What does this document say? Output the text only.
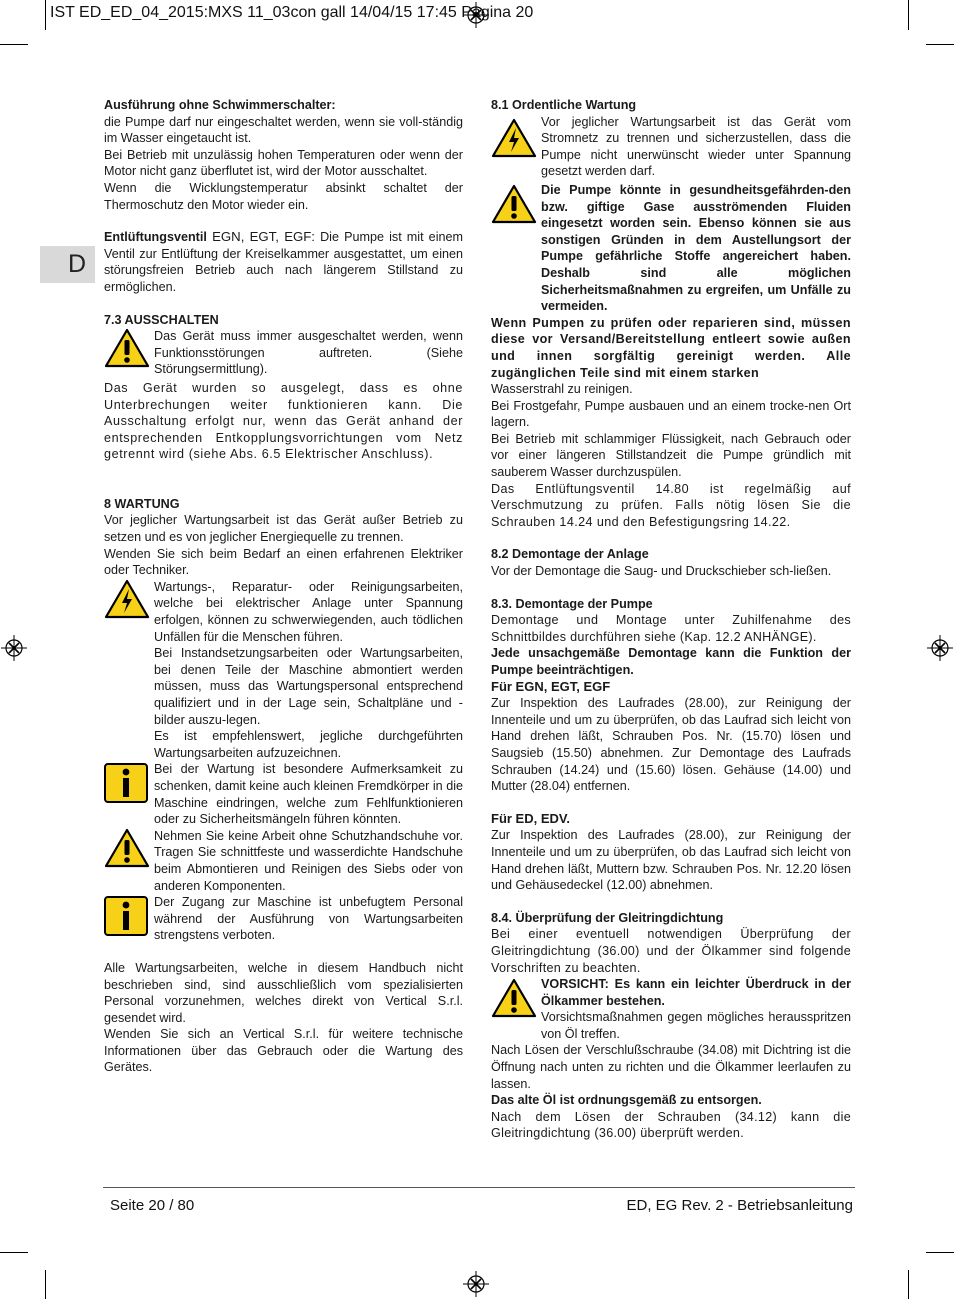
IST ED_ED_04_2015:MXS 11_03con gall 14/04/15 17:45 Pagina 20
D

Ausführung ohne Schwimmerschalter:

die Pumpe darf nur eingeschaltet werden, wenn sie voll-ständig im Wasser eingetaucht ist.

Bei Betrieb mit unzulässig hohen Temperaturen oder wenn der Motor nicht ganz überflutet ist, wird der Motor ausschaltet.

Wenn die Wicklungstemperatur absinkt schaltet der Thermoschutz den Motor wieder ein.

Entlüftungsventil EGN, EGT, EGF: Die Pumpe ist mit einem Ventil zur Entlüftung der Kreiselkammer ausgestattet, um einen störungsfreien Betrieb auch nach längerem Stillstand zu ermöglichen.

7.3 AUSSCHALTEN

Das Gerät muss immer ausgeschaltet werden, wenn Funktionsstörungen auftreten. (Siehe Störungsermittlung).

Das Gerät wurden so ausgelegt, dass es ohne Unterbrechungen weiter funktionieren kann. Die Ausschaltung erfolgt nur, wenn das Gerät anhand der entsprechenden Entkopplungsvorrichtungen vom Netz getrennt wird (siehe Abs. 6.5 Elektrischer Anschluss).

8 WARTUNG

Vor jeglicher Wartungsarbeit ist das Gerät außer Betrieb zu setzen und es von jeglicher Energiequelle zu trennen.

Wenden Sie sich beim Bedarf an einen erfahrenen Elektriker oder Techniker.

Wartungs-, Reparatur- oder Reinigungsarbeiten, welche bei elektrischer Anlage unter Spannung erfolgen, können zu schwerwiegenden, auch tödlichen Unfällen für die Menschen führen.

Bei Instandsetzungsarbeiten oder Wartungsarbeiten, bei denen Teile der Maschine abmontiert werden müssen, muss das Wartungspersonal entsprechend qualifiziert und in der Lage sein, Schaltpläne und -bilder auszu-legen.

Es ist empfehlenswert, jegliche durchgeführten Wartungsarbeiten aufzuzeichnen.

Bei der Wartung ist besondere Aufmerksamkeit zu schenken, damit keine auch kleinen Fremdkörper in die Maschine eindringen, welche zum Fehlfunktionieren oder zu Sicherheitsmängeln führen könnten.

Nehmen Sie keine Arbeit ohne Schutzhandschuhe vor. Tragen Sie schnittfeste und wasserdichte Handschuhe beim Abmontieren und Reinigen des Siebs oder von anderen Komponenten.

Der Zugang zur Maschine ist unbefugtem Personal während der Ausführung von Wartungsarbeiten strengstens verboten.

Alle Wartungsarbeiten, welche in diesem Handbuch nicht beschrieben sind, sind ausschließlich vom spezialisierten Personal vorzunehmen, welches direkt von Vertical S.r.l. gesendet wird.

Wenden Sie sich an Vertical S.r.l. für weitere technische Informationen über das Gebrauch oder die Wartung des Gerätes.

8.1 Ordentliche Wartung

Vor jeglicher Wartungsarbeit ist das Gerät vom Stromnetz zu trennen und sicherzustellen, dass die Pumpe nicht unerwünscht wieder unter Spannung gesetzt werden darf.

Die Pumpe könnte in gesundheitsgefährden-den bzw. giftige Gase ausströmenden Fluiden eingesetzt worden sein. Ebenso können sie aus sonstigen Gründen in dem Austellungsort der Pumpe gefährliche Stoffe angereichert haben. Deshalb sind alle möglichen Sicherheitsmaßnahmen zu ergreifen, um Unfälle zu vermeiden.

Wenn Pumpen zu prüfen oder reparieren sind, müssen diese vor Versand/Bereitstellung entleert sowie außen und innen sorgfältig gereinigt werden. Alle zugänglichen Teile sind mit einem starken

Wasserstrahl zu reinigen.

Bei Frostgefahr, Pumpe ausbauen und an einem trocke-nen Ort lagern.

Bei Betrieb mit schlammiger Flüssigkeit, nach Gebrauch oder vor einer längeren Stillstandzeit die Pumpe gründlich mit sauberem Wasser durchzuspülen.

Das Entlüftungsventil 14.80 ist regelmäßig auf Verschmutzung zu prüfen. Falls nötig lösen Sie die Schrauben 14.24 und den Befestigungsring 14.22.

8.2 Demontage der Anlage

Vor der Demontage die Saug- und Druckschieber sch-ließen.

8.3. Demontage der Pumpe

Demontage und Montage unter Zuhilfenahme des Schnittbildes durchführen siehe (Kap. 12.2 ANHÄNGE).

Jede unsachgemäße Demontage kann die Funktion der Pumpe beeinträchtigen.

Für EGN, EGT, EGF

Zur Inspektion des Laufrades (28.00), zur Reinigung der Innenteile und um zu überprüfen, ob das Laufrad sich leicht von Hand drehen läßt, Schrauben Pos. Nr. (15.70) lösen und Saugsieb (15.50) abnehmen. Zur Demontage des Laufrads Schrauben (14.24) und (15.60) lösen. Gehäuse (14.00) und Mutter (28.04) entfernen.

Für ED, EDV.

Zur Inspektion des Laufrades (28.00), zur Reinigung der Innenteile und um zu überprüfen, ob das Laufrad sich leicht von Hand drehen läßt, Muttern bzw. Schrauben Pos. Nr. 12.20 lösen und Gehäusedeckel (12.00) abnehmen.

8.4. Überprüfung der Gleitringdichtung

Bei einer eventuell notwendigen Überprüfung der Gleitringdichtung (36.00) und der Ölkammer sind folgende Vorschriften zu beachten.

VORSICHT: Es kann ein leichter Überdruck in der Ölkammer bestehen.

Vorsichtsmaßnahmen gegen mögliches herausspritzen von Öl treffen.

Nach Lösen der Verschlußschraube (34.08) mit Dichtring ist die Öffnung nach unten zu richten und die Ölkammer leerlaufen zu lassen.

Das alte Öl ist ordnungsgemäß zu entsorgen.

Nach dem Lösen der Schrauben (34.12) kann die Gleitringdichtung (36.00) überprüft werden.

Seite 20 / 80	ED, EG Rev. 2 - Betriebsanleitung
